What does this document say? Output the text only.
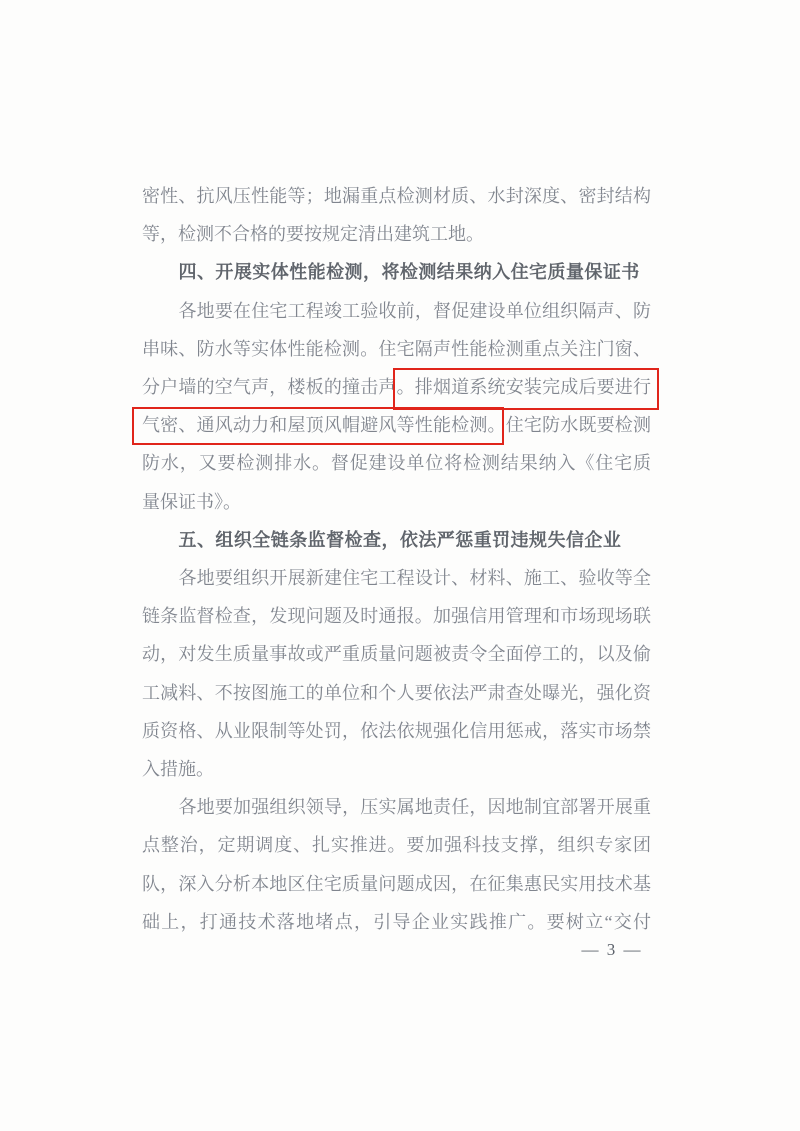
密性、抗风压性能等；地漏重点检测材质、水封深度、密封结构
等，检测不合格的要按规定清出建筑工地。
四、开展实体性能检测，将检测结果纳入住宅质量保证书
各地要在住宅工程竣工验收前，督促建设单位组织隔声、防
串味、防水等实体性能检测。住宅隔声性能检测重点关注门窗、
分户墙的空气声，楼板的撞击声。排烟道系统安装完成后要进行
气密、通风动力和屋顶风帽避风等性能检测。住宅防水既要检测
防水，又要检测排水。督促建设单位将检测结果纳入《住宅质
量保证书》。
五、组织全链条监督检查，依法严惩重罚违规失信企业
各地要组织开展新建住宅工程设计、材料、施工、验收等全
链条监督检查，发现问题及时通报。加强信用管理和市场现场联
动，对发生质量事故或严重质量问题被责令全面停工的，以及偷
工减料、不按图施工的单位和个人要依法严肃查处曝光，强化资
质资格、从业限制等处罚，依法依规强化信用惩戒，落实市场禁
入措施。
各地要加强组织领导，压实属地责任，因地制宜部署开展重
点整治，定期调度、扎实推进。要加强科技支撑，组织专家团
队，深入分析本地区住宅质量问题成因，在征集惠民实用技术基
础上，打通技术落地堵点，引导企业实践推广。要树立“交付
— 3 —
